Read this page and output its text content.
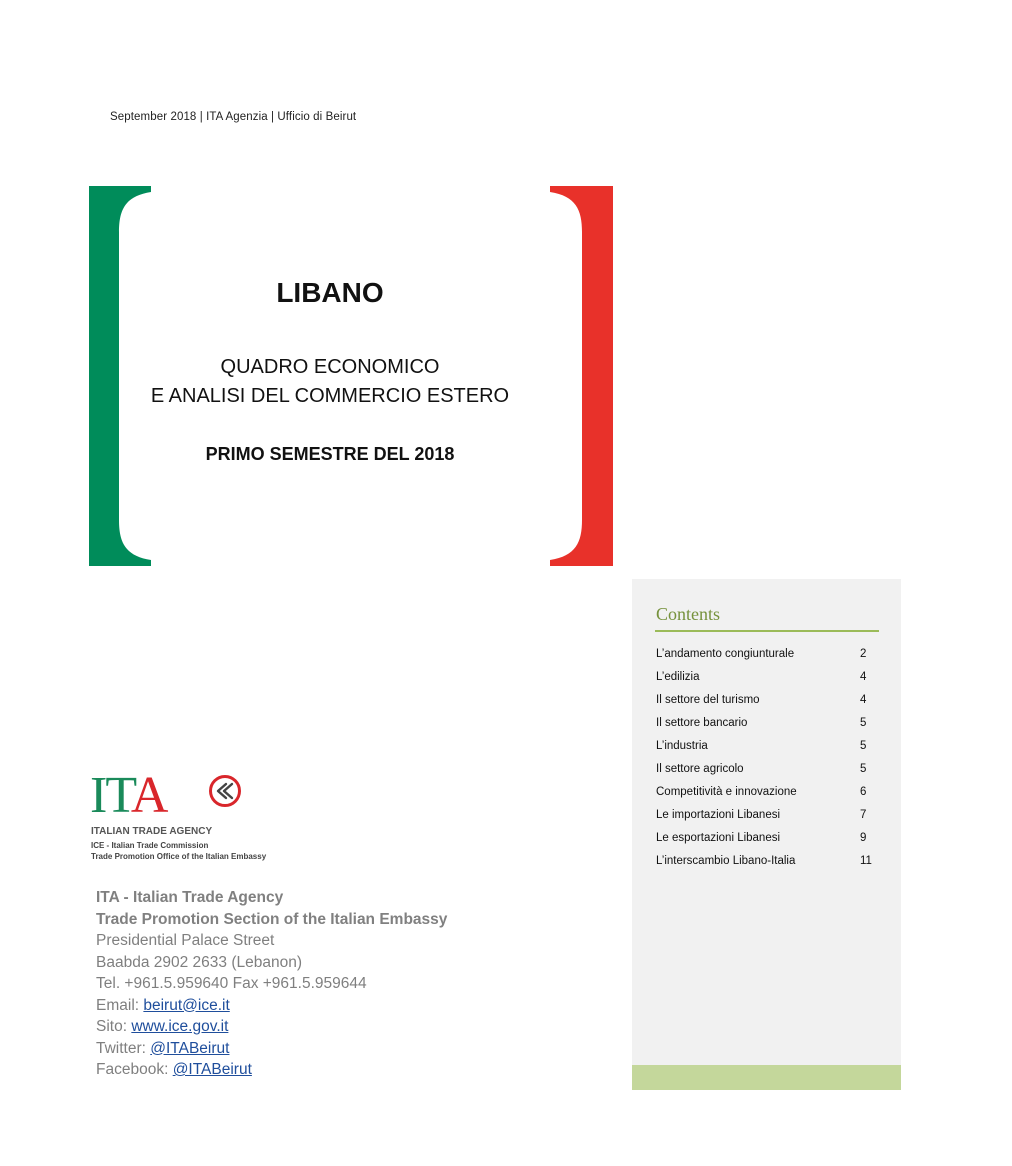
September 2018 | ITA Agenzia | Ufficio di Beirut
LIBANO
QUADRO ECONOMICO
E ANALISI DEL COMMERCIO ESTERO
PRIMO SEMESTRE DEL 2018
Contents
L’andamento congiunturale	2
L’edilizia	4
Il settore del turismo	4
Il settore bancario	5
L’industria	5
Il settore agricolo	5
Competitività e innovazione	6
Le importazioni Libanesi	7
Le esportazioni Libanesi	9
L’interscambio Libano-Italia	11
ITA
ITALIAN TRADE AGENCY
ICE - Italian Trade Commission
Trade Promotion Office of the Italian Embassy
ITA - Italian Trade Agency
Trade Promotion Section of the Italian Embassy
Presidential Palace Street
Baabda 2902 2633 (Lebanon)
Tel. +961.5.959640 Fax +961.5.959644
Email: beirut@ice.it
Sito: www.ice.gov.it
Twitter: @ITABeirut
Facebook: @ITABeirut
